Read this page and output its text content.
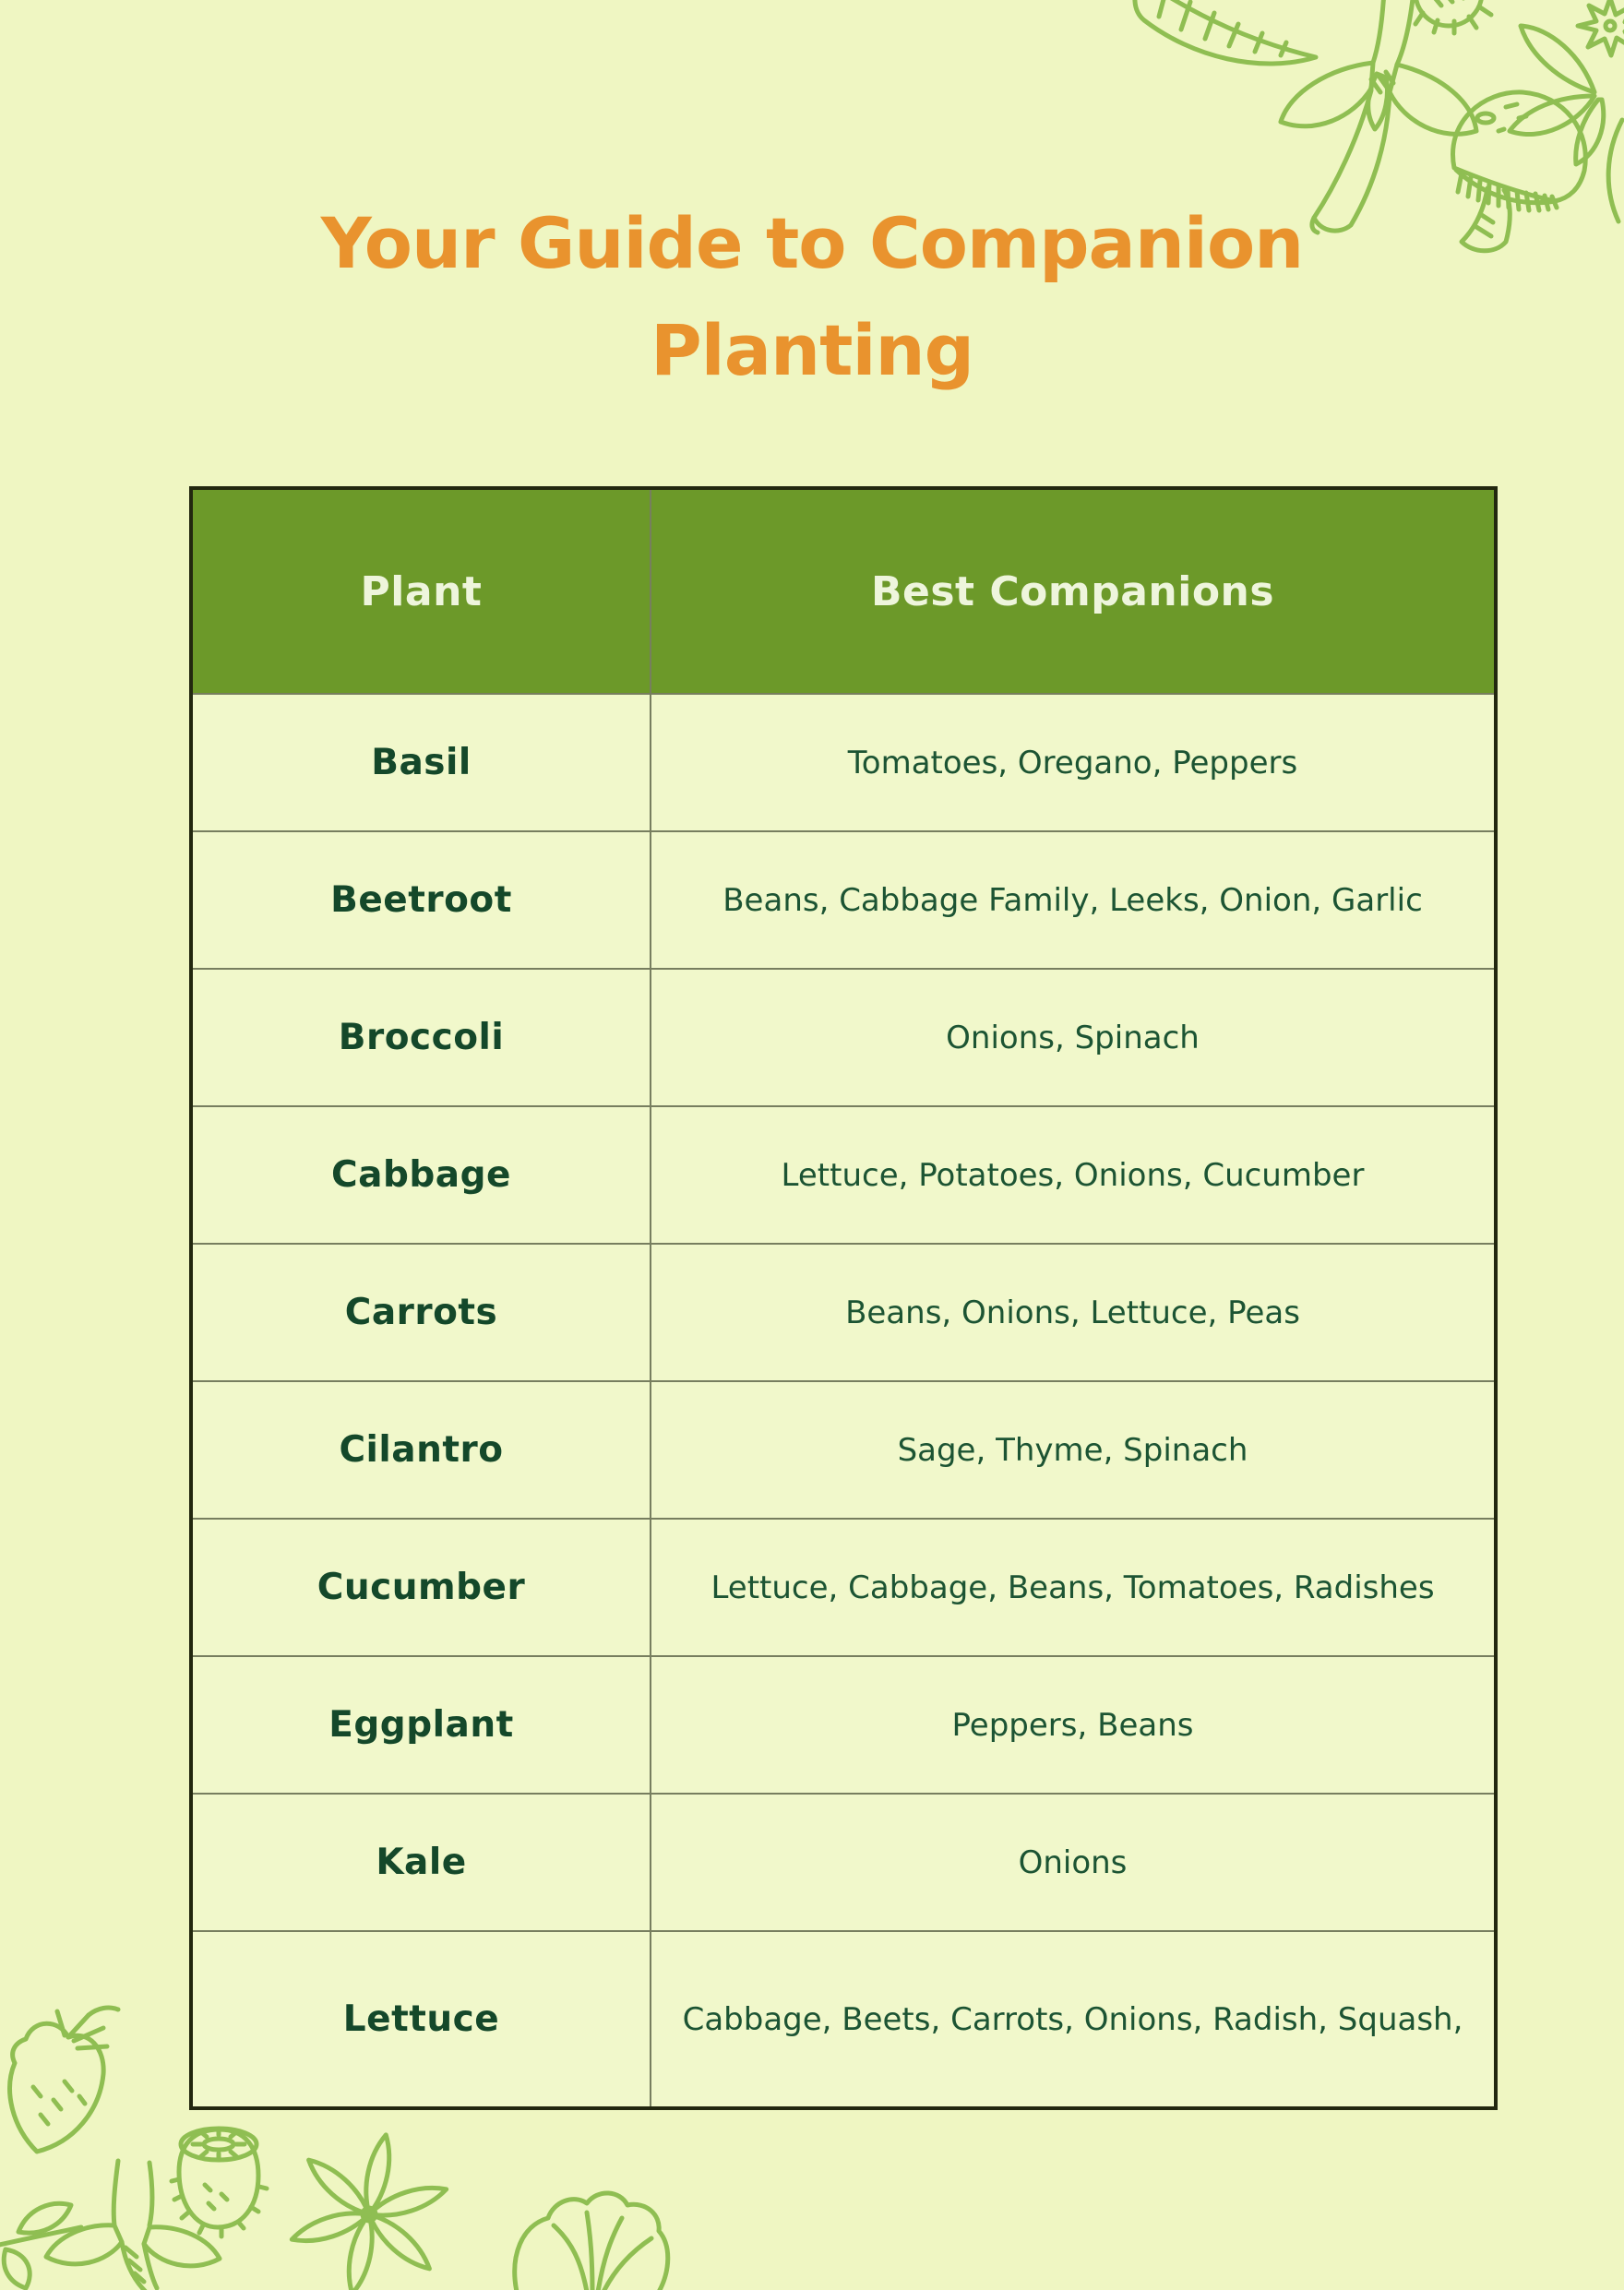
Your Guide to Companion
Planting
Plant	Best Companions
Basil	Tomatoes, Oregano, Peppers
Beetroot	Beans, Cabbage Family, Leeks, Onion, Garlic
Broccoli	Onions, Spinach
Cabbage	Lettuce, Potatoes, Onions, Cucumber
Carrots	Beans, Onions, Lettuce, Peas
Cilantro	Sage, Thyme, Spinach
Cucumber	Lettuce, Cabbage, Beans, Tomatoes, Radishes
Eggplant	Peppers, Beans
Kale	Onions
Lettuce	Cabbage, Beets, Carrots, Onions, Radish, Squash,
